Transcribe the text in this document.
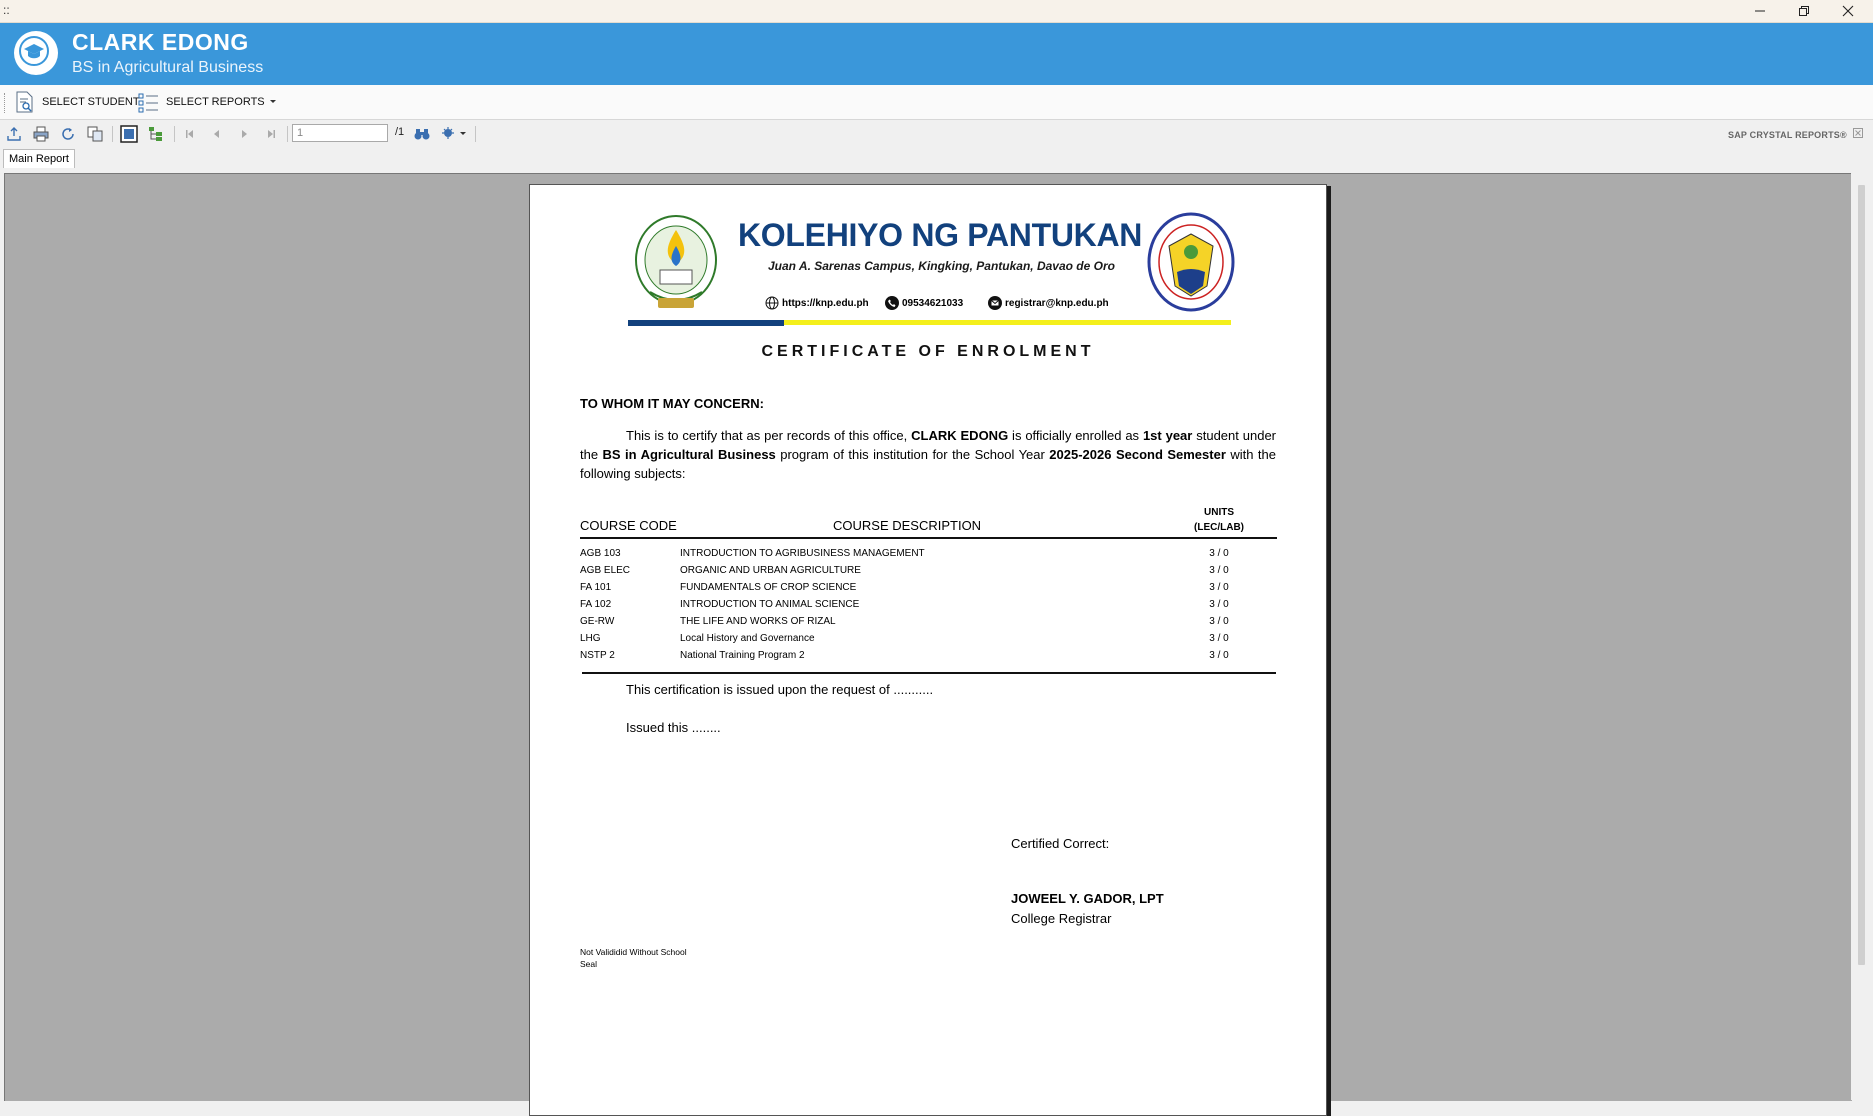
::
CLARK EDONG
BS in Agricultural Business
SELECT STUDENT SELECT REPORTS
1
/1	SAP CRYSTAL REPORTS®
Main Report
KOLEHIYO NG PANTUKAN
Juan A. Sarenas Campus, Kingking, Pantukan, Davao de Oro
https://knp.edu.ph	09534621033	registrar@knp.edu.ph
CERTIFICATE OF ENROLMENT
TO WHOM IT MAY CONCERN:
This is to certify that as per records of this office, CLARK EDONG is officially enrolled as 1st year student under the BS in Agricultural Business program of this institution for the School Year 2025-2026 Second Semester with the following subjects:
COURSE CODE	COURSE DESCRIPTION
UNITS
(LEC/LAB)
AGB 103	INTRODUCTION TO AGRIBUSINESS MANAGEMENT	3 / 0
AGB ELEC	ORGANIC AND URBAN AGRICULTURE	3 / 0
FA 101	FUNDAMENTALS OF CROP SCIENCE	3 / 0
FA 102	INTRODUCTION TO ANIMAL SCIENCE	3 / 0
GE-RW	THE LIFE AND WORKS OF RIZAL	3 / 0
LHG	Local History and Governance	3 / 0
NSTP 2	National Training Program 2	3 / 0
This certification is issued upon the request of ...........
Issued this ........
Certified Correct:
JOWEEL Y. GADOR, LPT
College Registrar
Not Valididid Without School Seal
